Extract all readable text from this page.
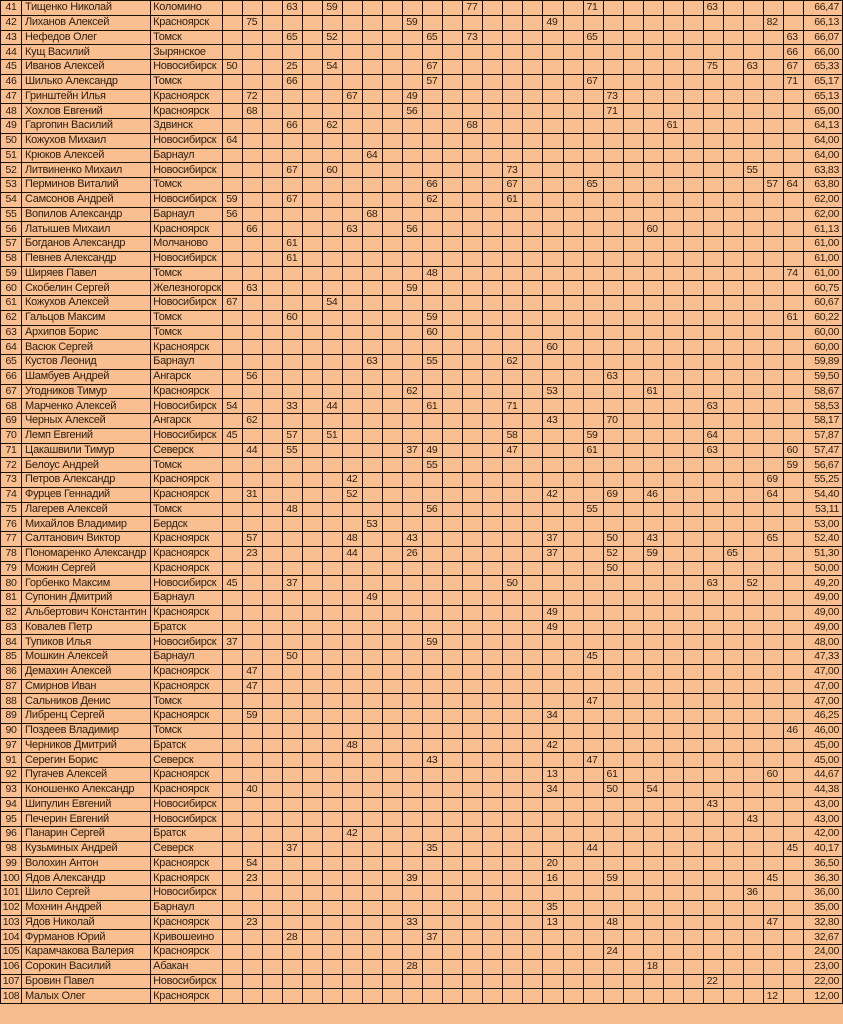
41	Тищенко Николай	Коломино				63		59							77						71						63					66,47
42	Лиханов Алексей	Красноярск		75								59							49											82		66,13
43	Нефедов Олег	Томск				65		52					65		73						65										63	66,07
44	Кущ Василий	Зырянское																													66	66,00
45	Иванов Алексей	Новосибирск	50			25		54					67														75		63		67	65,33
46	Шилько Александр	Томск				66							57								67										71	65,17
47	Гринштейн Илья	Красноярск		72					67			49										73										65,13
48	Хохлов Евгений	Красноярск		68								56										71										65,00
49	Гаргопин Василий	Здвинск				66		62							68										61							64,13
50	Кожухов Михаил	Новосибирск	64																													64,00
51	Крюков Алексей	Барнаул								64																						64,00
52	Литвиненко Михаил	Новосибирск				67		60									73												55			63,83
53	Перминов Виталий	Томск											66				67				65									57	64	63,80
54	Самсонов Андрей	Новосибирск	59			67							62				61															62,00
55	Вопилов Александр	Барнаул	56							68																						62,00
56	Латышев Михаил	Красноярск		66					63			56												60								61,13
57	Богданов Александр	Молчаново				61																										61,00
58	Певнев Александр	Новосибирск				61																										61,00
59	Ширяев Павел	Томск											48																		74	61,00
60	Скобелин Сергей	Железногорск		63								59																				60,75
61	Кожухов Алексей	Новосибирск	67					54																								60,67
62	Гальцов Максим	Томск				60							59																		61	60,22
63	Архипов Борис	Томск											60																			60,00
64	Васюк Сергей	Красноярск																	60													60,00
65	Кустов Леонид	Барнаул								63			55				62															59,89
66	Шамбуев Андрей	Ангарск		56																		63										59,50
67	Угодников Тимур	Красноярск										62							53					61								58,67
68	Марченко Алексей	Новосибирск	54			33		44					61				71										63					58,53
69	Черных Алексей	Ангарск		62															43			70										58,17
70	Лемп Евгений	Новосибирск	45			57		51									58				59						64					57,87
71	Цакашвили Тимур	Северск		44		55						37	49				47				61						63				60	57,47
72	Белоус Андрей	Томск											55																		59	56,67
73	Петров Александр	Красноярск							42																					69		55,25
74	Фурцев Геннадий	Красноярск		31					52										42			69		46						64		54,40
75	Лагерев Алексей	Томск				48							56								55											53,11
76	Михайлов Владимир	Бердск								53																						53,00
77	Салтанович Виктор	Красноярск		57					48			43							37			50		43						65		52,40
78	Пономаренко Александр	Красноярск		23					44			26							37			52		59				65				51,30
79	Можин Сергей	Красноярск																				50										50,00
80	Горбенко Максим	Новосибирск	45			37											50										63		52			49,20
81	Супонин Дмитрий	Барнаул								49																						49,00
82	Альбертович Константин	Красноярск																	49													49,00
83	Ковалев Петр	Братск																	49													49,00
84	Тупиков Илья	Новосибирск	37										59																			48,00
85	Мошкин Алексей	Барнаул				50															45											47,33
86	Демахин Алексей	Красноярск		47																												47,00
87	Смирнов Иван	Красноярск		47																												47,00
88	Сальников Денис	Томск																			47											47,00
89	Либренц Сергей	Красноярск		59															34													46,25
90	Поздеев Владимир	Томск																													46	46,00
97	Черников Дмитрий	Братск							48										42													45,00
91	Серегин Борис	Северск											43								47											45,00
92	Пугачев Алексей	Красноярск																	13			61								60		44,67
93	Коношенко Александр	Красноярск		40															34			50		54								44,38
94	Шипулин Евгений	Новосибирск																									43					43,00
95	Печерин Евгений	Новосибирск																											43			43,00
96	Панарин Сергей	Братск							42																							42,00
98	Кузьминых Андрей	Северск				37							35								44										45	40,17
99	Волохин Антон	Красноярск		54															20													36,50
100	Ядов Александр	Красноярск		23								39							16			59								45		36,30
101	Шило Сергей	Новосибирск																											36			36,00
102	Мохнин Андрей	Барнаул																	35													35,00
103	Ядов Николай	Красноярск		23								33							13			48								47		32,80
104	Фурманов Юрий	Кривошеино				28							37																			32,67
105	Карамчакова Валерия	Красноярск																				24										24,00
106	Сорокин Василий	Абакан										28												18								23,00
107	Бровин Павел	Новосибирск																									22					22,00
108	Малых Олег	Красноярск																												12		12,00
